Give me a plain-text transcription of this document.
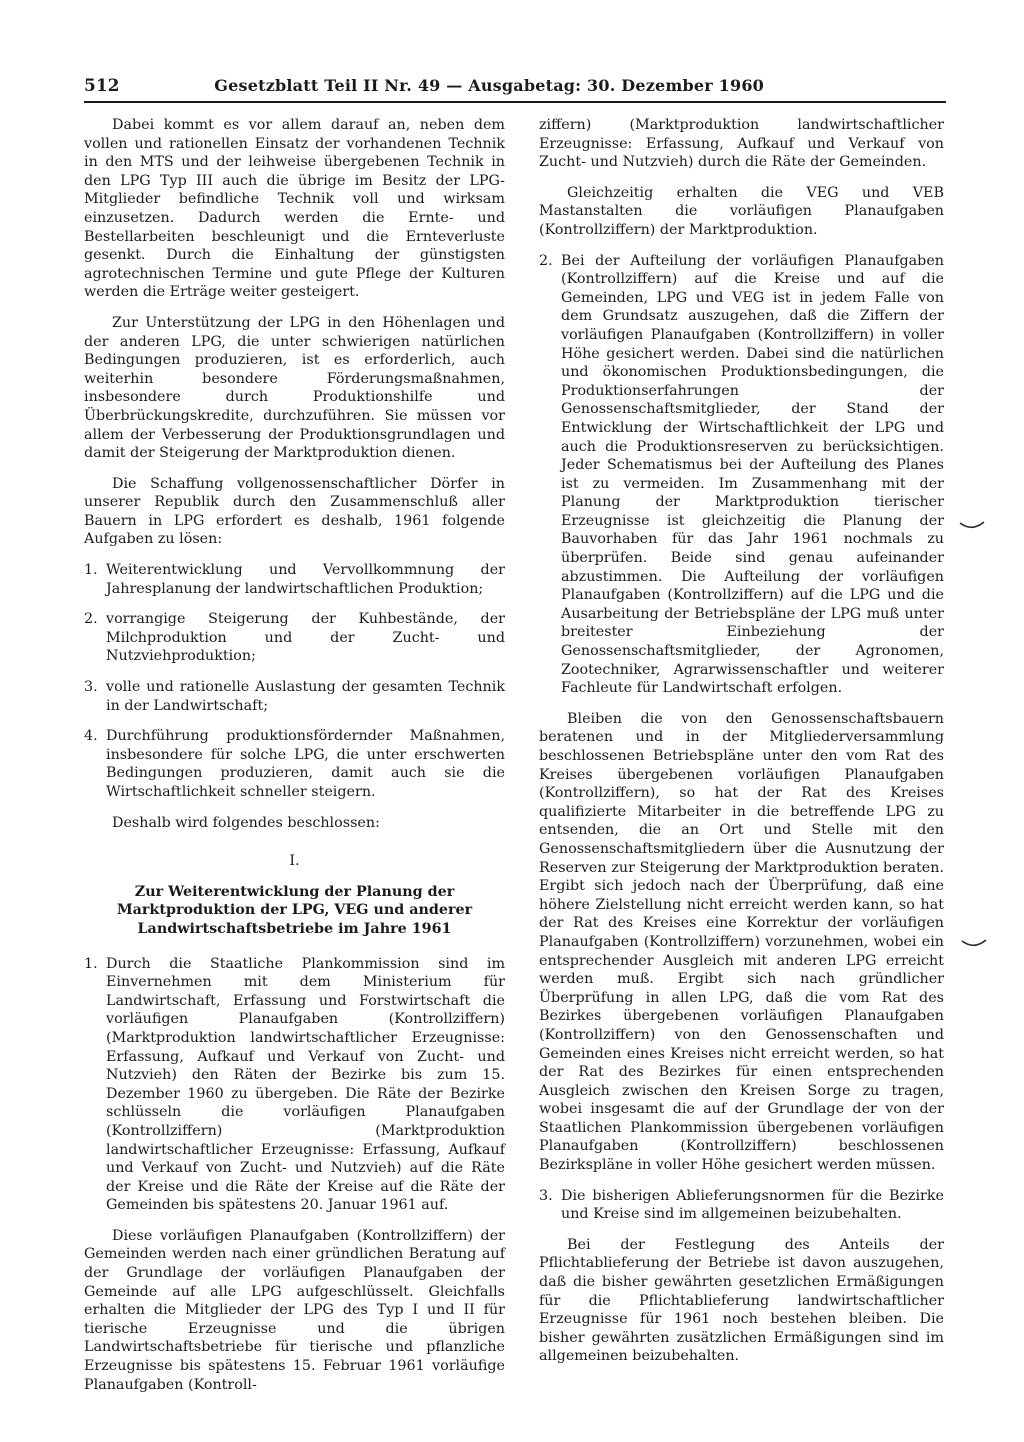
512	Gesetzblatt Teil II Nr. 49 — Ausgabetag: 30. Dezember 1960

Dabei kommt es vor allem darauf an, neben dem vollen und rationellen Einsatz der vorhandenen Technik in den MTS und der leihweise übergebenen Technik in den LPG Typ III auch die übrige im Besitz der LPG-Mitglieder befindliche Technik voll und wirksam einzusetzen. Dadurch werden die Ernte- und Bestellarbeiten beschleunigt und die Ernteverluste gesenkt. Durch die Einhaltung der günstigsten agrotechnischen Termine und gute Pflege der Kulturen werden die Erträge weiter gesteigert.

Zur Unterstützung der LPG in den Höhenlagen und der anderen LPG, die unter schwierigen natürlichen Bedingungen produzieren, ist es erforderlich, auch weiterhin besondere Förderungsmaßnahmen, insbesondere durch Produktionshilfe und Überbrückungskredite, durchzuführen. Sie müssen vor allem der Verbesserung der Produktionsgrundlagen und damit der Steigerung der Marktproduktion dienen.

Die Schaffung vollgenossenschaftlicher Dörfer in unserer Republik durch den Zusammenschluß aller Bauern in LPG erfordert es deshalb, 1961 folgende Aufgaben zu lösen:

1. Weiterentwicklung und Vervollkommnung der Jahresplanung der landwirtschaftlichen Produktion;
2. vorrangige Steigerung der Kuhbestände, der Milchproduktion und der Zucht- und Nutzviehproduktion;
3. volle und rationelle Auslastung der gesamten Technik in der Landwirtschaft;
4. Durchführung produktionsfördernder Maßnahmen, insbesondere für solche LPG, die unter erschwerten Bedingungen produzieren, damit auch sie die Wirtschaftlichkeit schneller steigern.

Deshalb wird folgendes beschlossen:

I.
Zur Weiterentwicklung der Planung der Marktproduktion der LPG, VEG und anderer Landwirtschaftsbetriebe im Jahre 1961
1. Durch die Staatliche Plankommission sind im Einvernehmen mit dem Ministerium für Landwirtschaft, Erfassung und Forstwirtschaft die vorläufigen Planaufgaben (Kontrollziffern) (Marktproduktion landwirtschaftlicher Erzeugnisse: Erfassung, Aufkauf und Verkauf von Zucht- und Nutzvieh) den Räten der Bezirke bis zum 15. Dezember 1960 zu übergeben. Die Räte der Bezirke schlüsseln die vorläufigen Planaufgaben (Kontrollziffern) (Marktproduktion landwirtschaftlicher Erzeugnisse: Erfassung, Aufkauf und Verkauf von Zucht- und Nutzvieh) auf die Räte der Kreise und die Räte der Kreise auf die Räte der Gemeinden bis spätestens 20. Januar 1961 auf.

Diese vorläufigen Planaufgaben (Kontrollziffern) der Gemeinden werden nach einer gründlichen Beratung auf der Grundlage der vorläufigen Planaufgaben der Gemeinde auf alle LPG aufgeschlüsselt. Gleichfalls erhalten die Mitglieder der LPG des Typ I und II für tierische Erzeugnisse und die übrigen Landwirtschaftsbetriebe für tierische und pflanzliche Erzeugnisse bis spätestens 15. Februar 1961 vorläufige Planaufgaben (Kontroll-

ziffern) (Marktproduktion landwirtschaftlicher Erzeugnisse: Erfassung, Aufkauf und Verkauf von Zucht- und Nutzvieh) durch die Räte der Gemeinden.

Gleichzeitig erhalten die VEG und VEB Mastanstalten die vorläufigen Planaufgaben (Kontrollziffern) der Marktproduktion.

2. Bei der Aufteilung der vorläufigen Planaufgaben (Kontrollziffern) auf die Kreise und auf die Gemeinden, LPG und VEG ist in jedem Falle von dem Grundsatz auszugehen, daß die Ziffern der vorläufigen Planaufgaben (Kontrollziffern) in voller Höhe gesichert werden. Dabei sind die natürlichen und ökonomischen Produktionsbedingungen, die Produktionserfahrungen der Genossenschaftsmitglieder, der Stand der Entwicklung der Wirtschaftlichkeit der LPG und auch die Produktionsreserven zu berücksichtigen. Jeder Schematismus bei der Aufteilung des Planes ist zu vermeiden. Im Zusammenhang mit der Planung der Marktproduktion tierischer Erzeugnisse ist gleichzeitig die Planung der Bauvorhaben für das Jahr 1961 nochmals zu überprüfen. Beide sind genau aufeinander abzustimmen. Die Aufteilung der vorläufigen Planaufgaben (Kontrollziffern) auf die LPG und die Ausarbeitung der Betriebspläne der LPG muß unter breitester Einbeziehung der Genossenschaftsmitglieder, der Agronomen, Zootechniker, Agrarwissenschaftler und weiterer Fachleute für Landwirtschaft erfolgen.

Bleiben die von den Genossenschaftsbauern beratenen und in der Mitgliederversammlung beschlossenen Betriebspläne unter den vom Rat des Kreises übergebenen vorläufigen Planaufgaben (Kontrollziffern), so hat der Rat des Kreises qualifizierte Mitarbeiter in die betreffende LPG zu entsenden, die an Ort und Stelle mit den Genossenschaftsmitgliedern über die Ausnutzung der Reserven zur Steigerung der Marktproduktion beraten. Ergibt sich jedoch nach der Überprüfung, daß eine höhere Zielstellung nicht erreicht werden kann, so hat der Rat des Kreises eine Korrektur der vorläufigen Planaufgaben (Kontrollziffern) vorzunehmen, wobei ein entsprechender Ausgleich mit anderen LPG erreicht werden muß. Ergibt sich nach gründlicher Überprüfung in allen LPG, daß die vom Rat des Bezirkes übergebenen vorläufigen Planaufgaben (Kontrollziffern) von den Genossenschaften und Gemeinden eines Kreises nicht erreicht werden, so hat der Rat des Bezirkes für einen entsprechenden Ausgleich zwischen den Kreisen Sorge zu tragen, wobei insgesamt die auf der Grundlage der von der Staatlichen Plankommission übergebenen vorläufigen Planaufgaben (Kontrollziffern) beschlossenen Bezirkspläne in voller Höhe gesichert werden müssen.

3. Die bisherigen Ablieferungsnormen für die Bezirke und Kreise sind im allgemeinen beizubehalten.

Bei der Festlegung des Anteils der Pflichtablieferung der Betriebe ist davon auszugehen, daß die bisher gewährten gesetzlichen Ermäßigungen für die Pflichtablieferung landwirtschaftlicher Erzeugnisse für 1961 noch bestehen bleiben. Die bisher gewährten zusätzlichen Ermäßigungen sind im allgemeinen beizubehalten.
